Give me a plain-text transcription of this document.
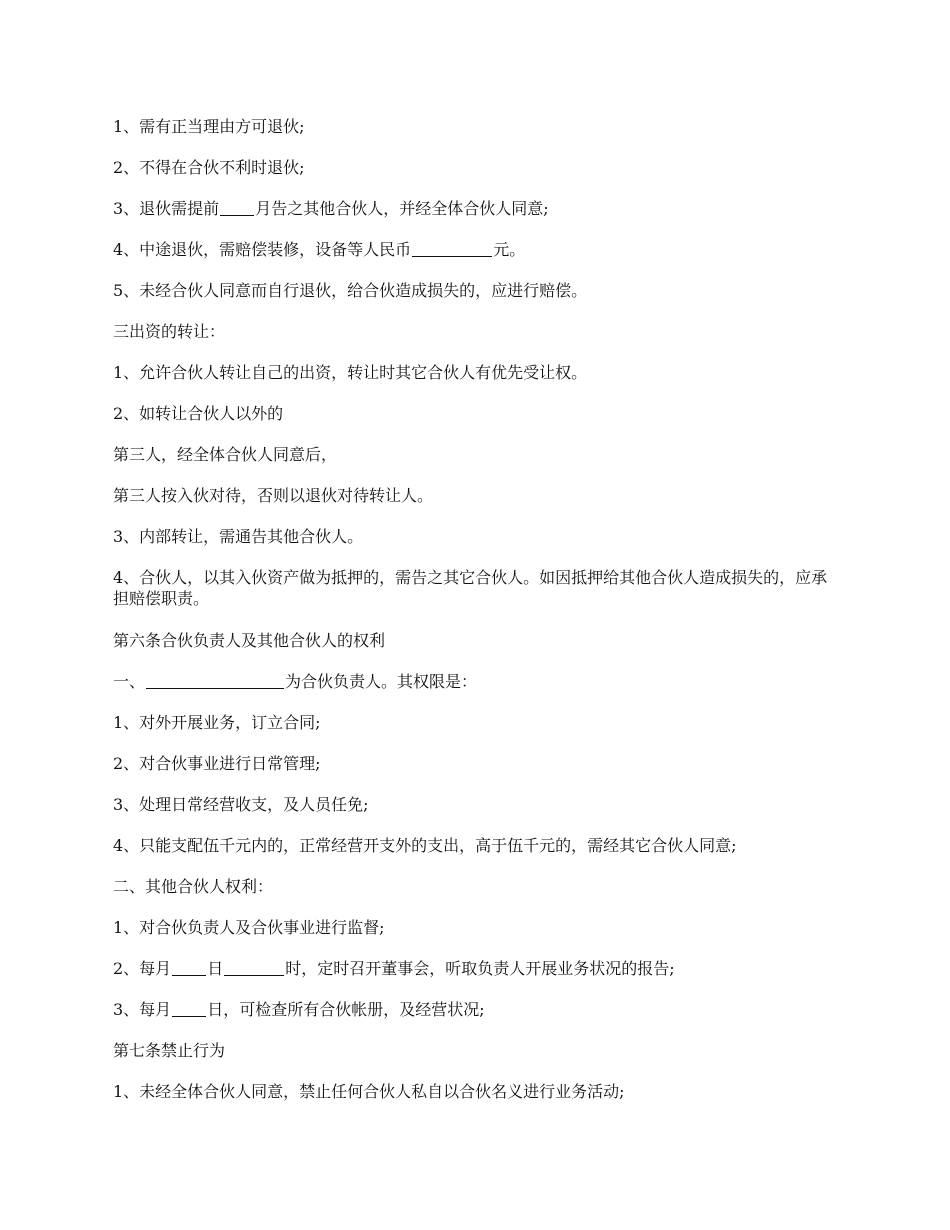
1、需有正当理由方可退伙;

2、不得在合伙不利时退伙;

3、退伙需提前 月告之其他合伙人，并经全体合伙人同意;

4、中途退伙，需赔偿装修，设备等人民币	元。

5、未经合伙人同意而自行退伙，给合伙造成损失的，应进行赔偿。

三出资的转让：

1、允许合伙人转让自己的出资，转让时其它合伙人有优先受让权。

2、如转让合伙人以外的

第三人，经全体合伙人同意后，

第三人按入伙对待，否则以退伙对待转让人。

3、内部转让，需通告其他合伙人。

4、合伙人，以其入伙资产做为抵押的，需告之其它合伙人。如因抵押给其他合伙人造成损失的，应承担赔偿职责。

第六条合伙负责人及其他合伙人的权利

一、	为合伙负责人。其权限是：

1、对外开展业务，订立合同;

2、对合伙事业进行日常管理;

3、处理日常经营收支，及人员任免;

4、只能支配伍千元内的，正常经营开支外的支出，高于伍千元的，需经其它合伙人同意;

二、其他合伙人权利：

1、对合伙负责人及合伙事业进行监督;

2、每月 日	时，定时召开董事会，听取负责人开展业务状况的报告;

3、每月 日，可检查所有合伙帐册，及经营状况;

第七条禁止行为

1、未经全体合伙人同意，禁止任何合伙人私自以合伙名义进行业务活动;
